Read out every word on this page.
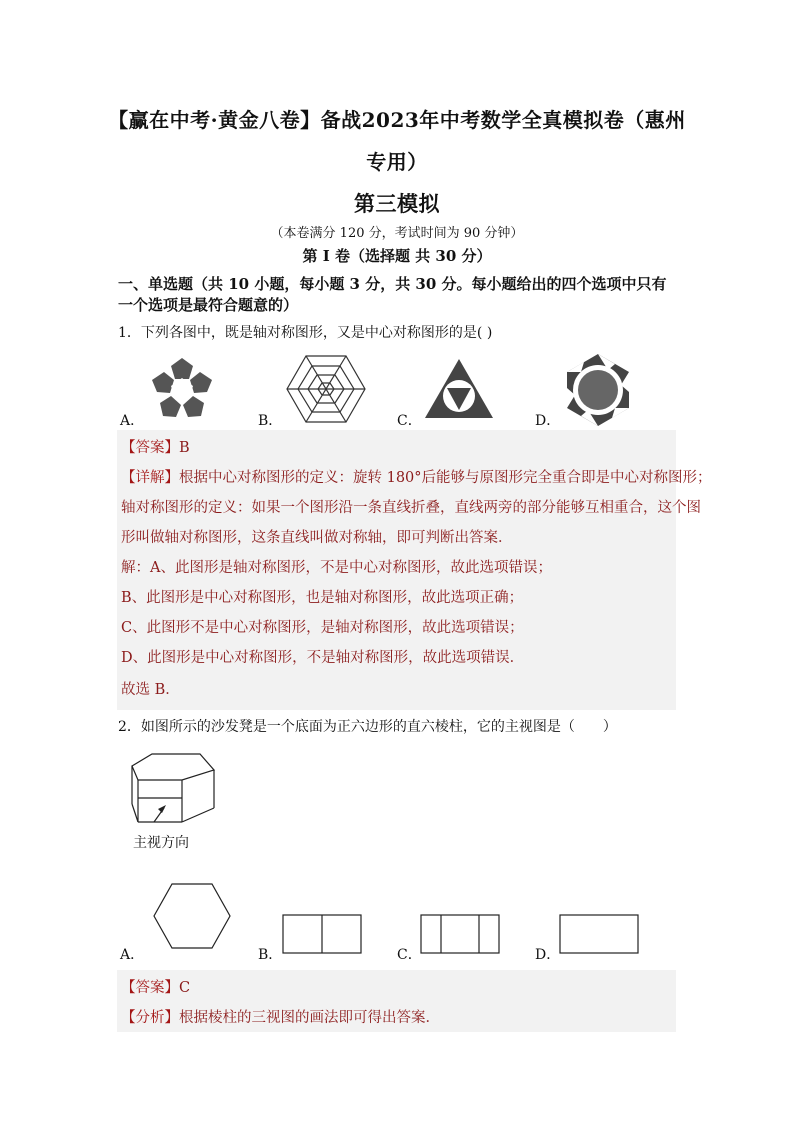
【赢在中考·黄金八卷】备战2023年中考数学全真模拟卷（惠州
专用）
第三模拟
（本卷满分 120 分，考试时间为 90 分钟）
第 I 卷（选择题 共 30 分）
一、单选题（共 10 小题，每小题 3 分，共 30 分。每小题给出的四个选项中只有
一个选项是最符合题意的）
1．下列各图中，既是轴对称图形，又是中心对称图形的是( )
A．	B．	C．	D．
【答案】B
【详解】根据中心对称图形的定义：旋转 180°后能够与原图形完全重合即是中心对称图形；
轴对称图形的定义：如果一个图形沿一条直线折叠，直线两旁的部分能够互相重合，这个图
形叫做轴对称图形，这条直线叫做对称轴，即可判断出答案．
解：A、此图形是轴对称图形，不是中心对称图形，故此选项错误；
B、此图形是中心对称图形，也是轴对称图形，故此选项正确；
C、此图形不是中心对称图形，是轴对称图形，故此选项错误；
D、此图形是中心对称图形，不是轴对称图形，故此选项错误．
故选 B．
2．如图所示的沙发凳是一个底面为正六边形的直六棱柱，它的主视图是（　　）
主视方向
A．	B．	C．	D．
【答案】C
【分析】根据棱柱的三视图的画法即可得出答案．
